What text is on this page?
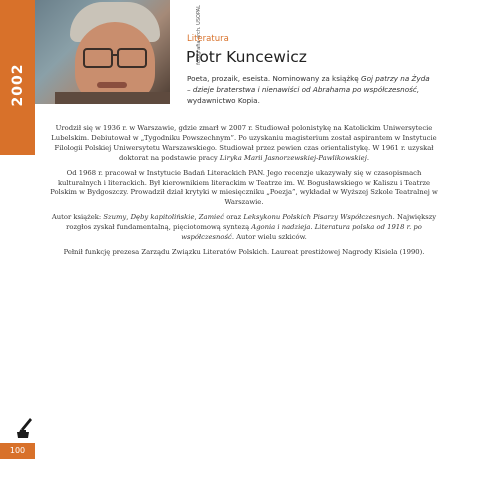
2002
fotografia arch. USOPAL
Literatura
Piotr Kuncewicz
Poeta, prozaik, eseista. Nominowany za książkę Goj patrzy na Żyda
– dzieje braterstwa i nienawiści od Abrahama po współczesność,
wydawnictwo Kopia.

Urodził się w 1936 r. w Warszawie, gdzie zmarł w 2007 r. Studiował polonistykę na Katolickim Uniwersytecie Lubelskim. Debiutował w „Tygodniku Powszechnym”. Po uzyskaniu magisterium został aspirantem w Instytucie Filologii Polskiej Uniwersytetu Warszawskiego. Studiował przez pewien czas orientalistykę. W 1961 r. uzyskał doktorat na podstawie pracy Liryka Marii Jasnorzewskiej-Pawlikowskiej.

Od 1968 r. pracował w Instytucie Badań Literackich PAN. Jego recenzje ukazywały się w czasopismach kulturalnych i literackich. Był kierownikiem literackim w Teatrze im. W. Bogusławskiego w Kaliszu i Teatrze Polskim w Bydgoszczy. Prowadził dział krytyki w miesięczniku „Poezja”, wykładał w Wyższej Szkole Teatralnej w Warszawie.

Autor książek: Szumy, Dęby kapitolińskie, Zamieć oraz Leksykonu Polskich Pisarzy Współczesnych. Największy rozgłos zyskał fundamentalną, pięciotomową syntezą Agonia i nadzieja. Literatura polska od 1918 r. po współczesność. Autor wielu szkiców.

Pełnił funkcję prezesa Zarządu Związku Literatów Polskich. Laureat prestiżowej Nagrody Kisiela (1990).

100
